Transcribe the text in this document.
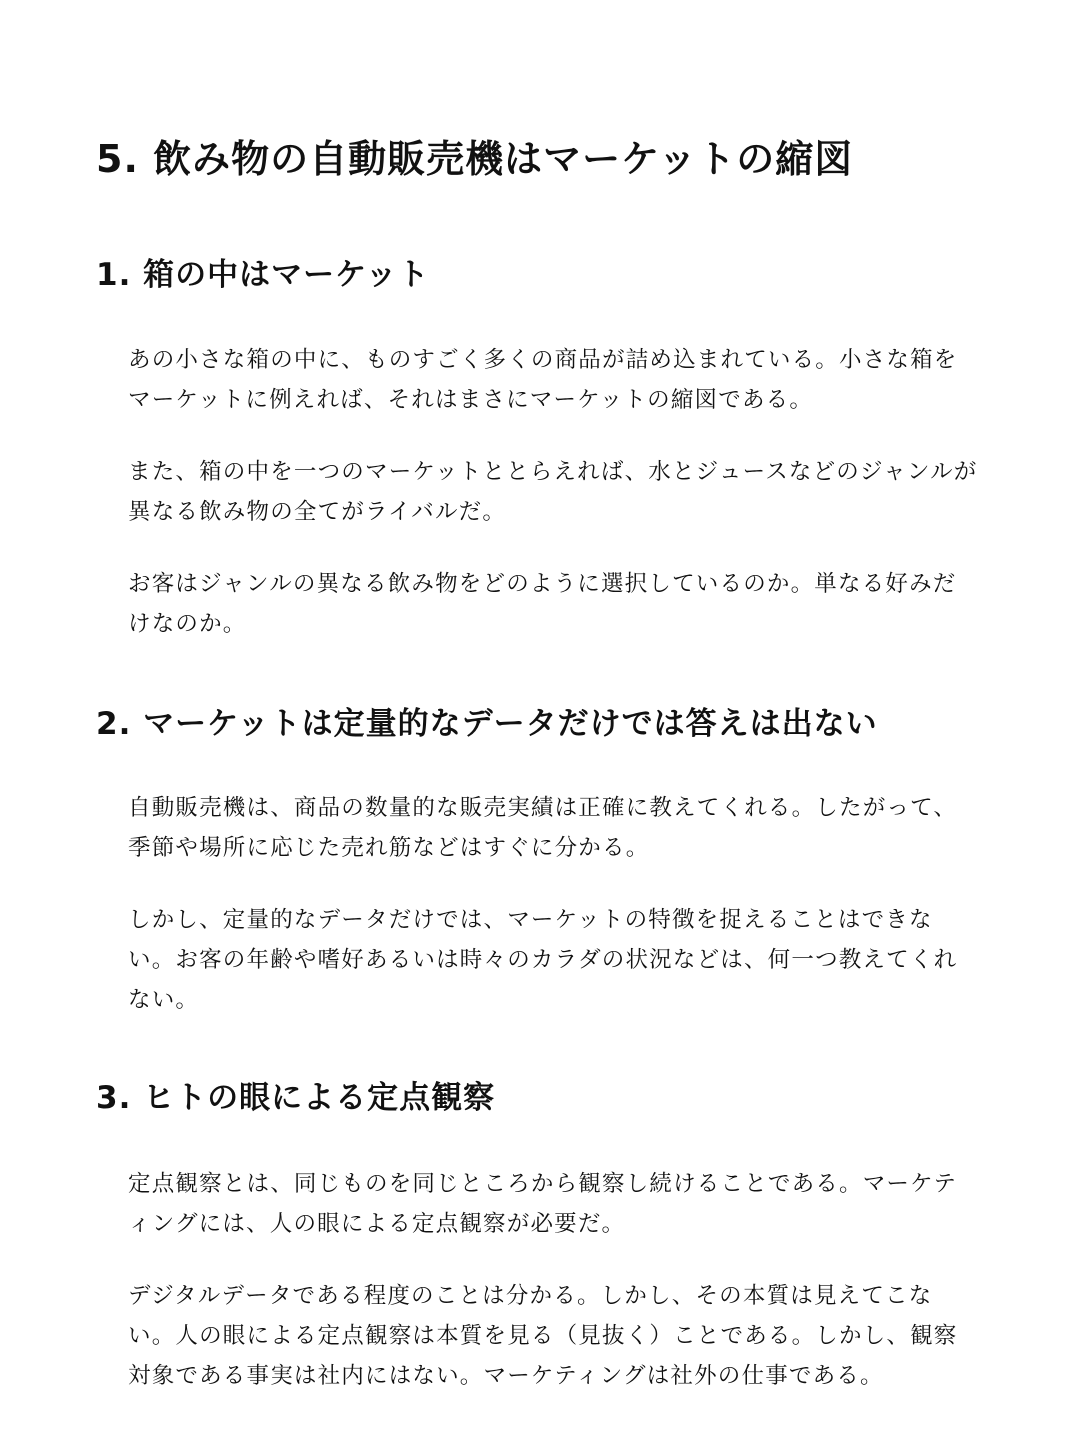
5. 飲み物の自動販売機はマーケットの縮図
1. 箱の中はマーケット

あの小さな箱の中に、ものすごく多くの商品が詰め込まれている。小さな箱をマーケットに例えれば、それはまさにマーケットの縮図である。

また、箱の中を一つのマーケットととらえれば、水とジュースなどのジャンルが異なる飲み物の全てがライバルだ。

お客はジャンルの異なる飲み物をどのように選択しているのか。単なる好みだけなのか。

2. マーケットは定量的なデータだけでは答えは出ない

自動販売機は、商品の数量的な販売実績は正確に教えてくれる。したがって、季節や場所に応じた売れ筋などはすぐに分かる。

しかし、定量的なデータだけでは、マーケットの特徴を捉えることはできない。お客の年齢や嗜好あるいは時々のカラダの状況などは、何一つ教えてくれない。

3. ヒトの眼による定点観察

定点観察とは、同じものを同じところから観察し続けることである。マーケティングには、人の眼による定点観察が必要だ。

デジタルデータである程度のことは分かる。しかし、その本質は見えてこない。人の眼による定点観察は本質を見る（見抜く）ことである。しかし、観察対象である事実は社内にはない。マーケティングは社外の仕事である。
